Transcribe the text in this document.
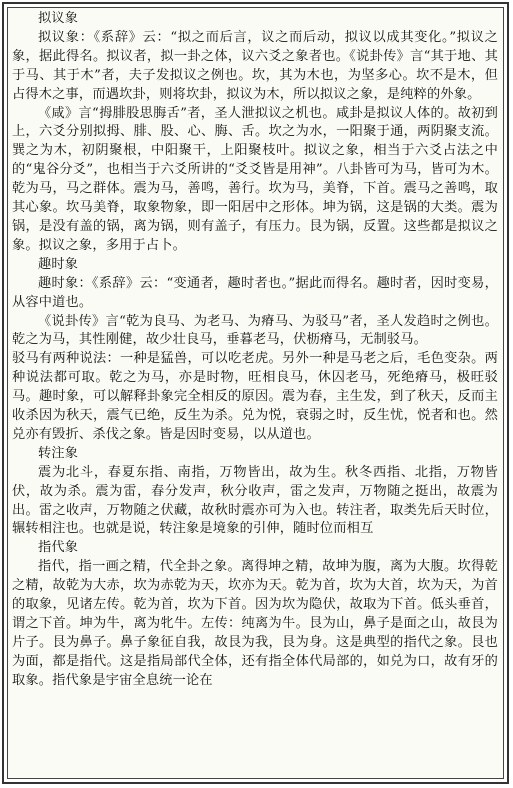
拟议象

拟议象：《系辞》云：“拟之而后言，议之而后动，拟议以成其变化。”拟议之象，据此得名。拟议者，拟一卦之体，议六爻之象者也。《说卦传》言“其于地、其于马、其于木”者，夫子发拟议之例也。坎，其为木也，为坚多心。坎不是木，但占得木之事，而遇坎卦，则将坎卦，拟议为木，所以拟议之象，是纯粹的外象。

《咸》言“拇腓股思脢舌”者，圣人泄拟议之机也。咸卦是拟议人体的。故初到上，六爻分别拟拇、腓、股、心、脢、舌。坎之为水，一阳聚于通，两阴聚支流。巽之为木，初阴聚根，中阳聚干，上阳聚枝叶。拟议之象，相当于六爻占法之中的“鬼谷分爻”，也相当于六爻所讲的“爻爻皆是用神”。八卦皆可为马，皆可为木。乾为马，马之群体。震为马，善鸣，善行。坎为马，美脊，下首。震马之善鸣，取其心象。坎马美脊，取象物象，即一阳居中之形体。坤为锅，这是锅的大类。震为锅，是没有盖的锅，离为锅，则有盖子，有压力。艮为锅，反置。这些都是拟议之象。拟议之象，多用于占卜。

趣时象

趣时象：《系辞》云：“变通者，趣时者也。”据此而得名。趣时者，因时变易，从容中道也。

《说卦传》言“乾为良马、为老马、为瘠马、为驳马”者，圣人发趋时之例也。乾之为马，其性刚健，故少壮良马，垂暮老马，伏枥瘠马，无制驳马。

驳马有两种说法：一种是猛兽，可以吃老虎。另外一种是马老之后，毛色变杂。两种说法都可取。乾之为马，亦是时物，旺相良马，休囚老马，死绝瘠马，极旺驳马。趣时象，可以解释卦象完全相反的原因。震为春，主生发，到了秋天，反而主收杀因为秋天，震气已绝，反生为杀。兑为悦，衰弱之时，反生忧，悦者和也。然兑亦有毁折、杀伐之象。皆是因时变易，以从道也。

转注象

震为北斗，春夏东指、南指，万物皆出，故为生。秋冬西指、北指，万物皆伏，故为杀。震为雷，春分发声，秋分收声，雷之发声，万物随之挺出，故震为出。雷之收声，万物随之伏藏，故秋时震亦可为入也。转注者，取类先后天时位，辗转相注也。也就是说，转注象是境象的引伸，随时位而相互

指代象

指代，指一画之精，代全卦之象。离得坤之精，故坤为腹，离为大腹。坎得乾之精，故乾为大赤，坎为赤乾为天，坎亦为天。乾为首，坎为大首，坎为天，为首的取象，见诸左传。乾为首，坎为下首。因为坎为隐伏，故取为下首。低头垂首，谓之下首。坤为牛，离为牝牛。左传：纯离为牛。艮为山，鼻子是面之山，故艮为片子。艮为鼻子。鼻子象征自我，故艮为我，艮为身。这是典型的指代之象。艮也为面，都是指代。这是指局部代全体，还有指全体代局部的，如兑为口，故有牙的取象。指代象是宇宙全息统一论在
